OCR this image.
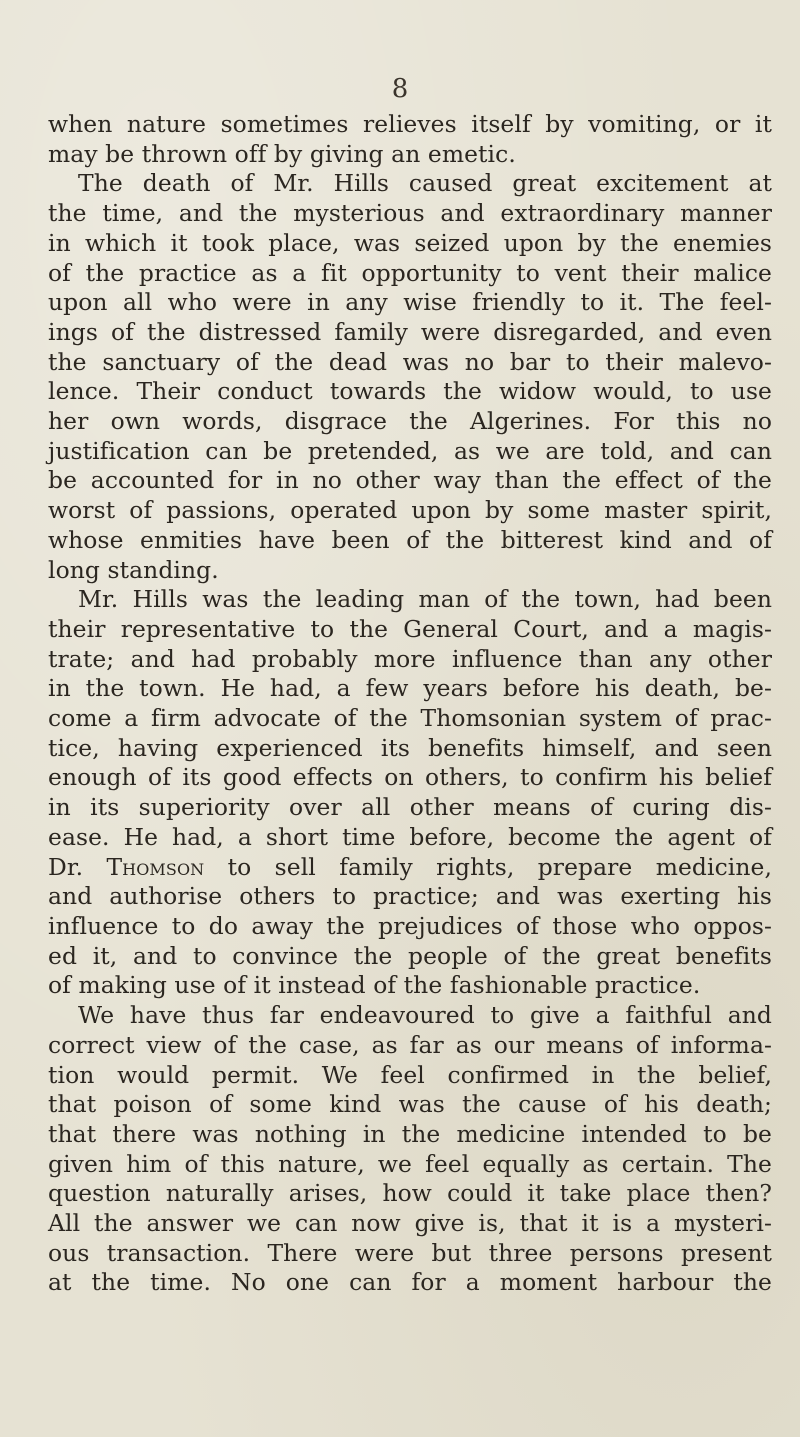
8
when nature sometimes relieves itself by vomiting, or it
may be thrown off by giving an emetic.
The death of Mr. Hills caused great excitement at
the time, and the mysterious and extraordinary manner
in which it took place, was seized upon by the enemies
of the practice as a fit opportunity to vent their malice
upon all who were in any wise friendly to it. The feel-
ings of the distressed family were disregarded, and even
the sanctuary of the dead was no bar to their malevo-
lence. Their conduct towards the widow would, to use
her own words, disgrace the Algerines. For this no
justification can be pretended, as we are told, and can
be accounted for in no other way than the effect of the
worst of passions, operated upon by some master spirit,
whose enmities have been of the bitterest kind and of
long standing.
Mr. Hills was the leading man of the town, had been
their representative to the General Court, and a magis-
trate; and had probably more influence than any other
in the town. He had, a few years before his death, be-
come a firm advocate of the Thomsonian system of prac-
tice, having experienced its benefits himself, and seen
enough of its good effects on others, to confirm his belief
in its superiority over all other means of curing dis-
ease. He had, a short time before, become the agent of
Dr. Thomson to sell family rights, prepare medicine,
and authorise others to practice; and was exerting his
influence to do away the prejudices of those who oppos-
ed it, and to convince the people of the great benefits
of making use of it instead of the fashionable practice.
We have thus far endeavoured to give a faithful and
correct view of the case, as far as our means of informa-
tion would permit. We feel confirmed in the belief,
that poison of some kind was the cause of his death;
that there was nothing in the medicine intended to be
given him of this nature, we feel equally as certain. The
question naturally arises, how could it take place then?
All the answer we can now give is, that it is a mysteri-
ous transaction. There were but three persons present
at the time. No one can for a moment harbour the
